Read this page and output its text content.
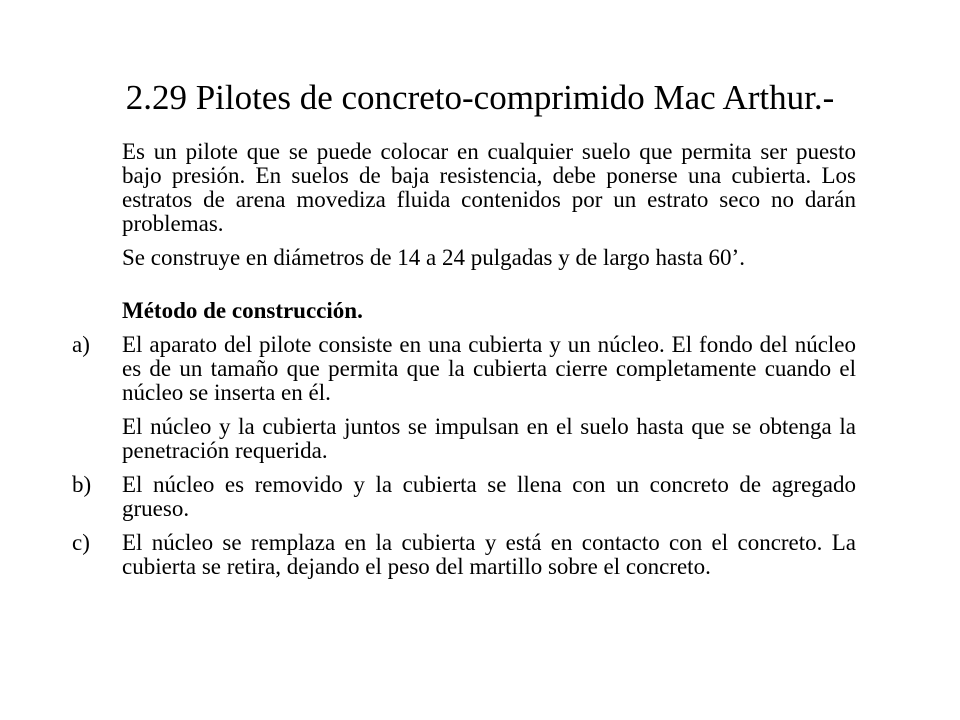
2.29 Pilotes de concreto-comprimido Mac Arthur.-

Es un pilote que se puede colocar en cualquier suelo que permita ser puesto bajo presión. En suelos de baja resistencia, debe ponerse una cubierta. Los estratos de arena movediza fluida contenidos por un estrato seco no darán problemas.

Se construye en diámetros de 14 a 24 pulgadas y de largo hasta 60’.

Método de construcción.
a)	El aparato del pilote consiste en una cubierta y un núcleo. El fondo del núcleo es de un tamaño que permita que la cubierta cierre completamente cuando el núcleo se inserta en él.

El núcleo y la cubierta juntos se impulsan en el suelo hasta que se obtenga la penetración requerida.

b)	El núcleo es removido y la cubierta se llena con un concreto de agregado grueso.
c)	El núcleo se remplaza en la cubierta y está en contacto con el concreto. La cubierta se retira, dejando el peso del martillo sobre el concreto.
